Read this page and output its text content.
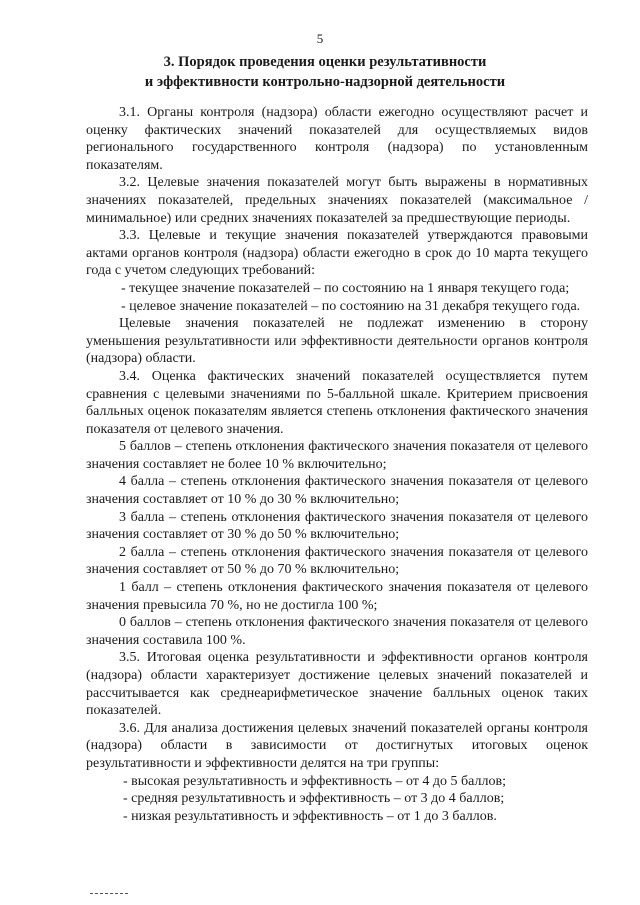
5
3. Порядок проведения оценки результативности
и эффективности контрольно-надзорной деятельности

3.1. Органы контроля (надзора) области ежегодно осуществляют расчет и оценку фактических значений показателей для осуществляемых видов регионального государственного контроля (надзора) по установленным показателям.

3.2. Целевые значения показателей могут быть выражены в нормативных значениях показателей, предельных значениях показателей (максимальное / минимальное) или средних значениях показателей за предшествующие периоды.

3.3. Целевые и текущие значения показателей утверждаются правовыми актами органов контроля (надзора) области ежегодно в срок до 10 марта текущего года с учетом следующих требований:

- текущее значение показателей – по состоянию на 1 января текущего года;

- целевое значение показателей – по состоянию на 31 декабря текущего года.

Целевые значения показателей не подлежат изменению в сторону уменьшения результативности или эффективности деятельности органов контроля (надзора) области.

3.4. Оценка фактических значений показателей осуществляется путем сравнения с целевыми значениями по 5-балльной шкале. Критерием присвоения балльных оценок показателям является степень отклонения фактического значения показателя от целевого значения.

5 баллов – степень отклонения фактического значения показателя от целевого значения составляет не более 10 % включительно;

4 балла – степень отклонения фактического значения показателя от целевого значения составляет от 10 % до 30 % включительно;

3 балла – степень отклонения фактического значения показателя от целевого значения составляет от 30 % до 50 % включительно;

2 балла – степень отклонения фактического значения показателя от целевого значения составляет от 50 % до 70 % включительно;

1 балл – степень отклонения фактического значения показателя от целевого значения превысила 70 %, но не достигла 100 %;

0 баллов – степень отклонения фактического значения показателя от целевого значения составила 100 %.

3.5. Итоговая оценка результативности и эффективности органов контроля (надзора) области характеризует достижение целевых значений показателей и рассчитывается как среднеарифметическое значение балльных оценок таких показателей.

3.6. Для анализа достижения целевых значений показателей органы контроля (надзора) области в зависимости от достигнутых итоговых оценок результативности и эффективности делятся на три группы:

- высокая результативность и эффективность – от 4 до 5 баллов;

- средняя результативность и эффективность – от 3 до 4 баллов;

- низкая результативность и эффективность – от 1 до 3 баллов.
